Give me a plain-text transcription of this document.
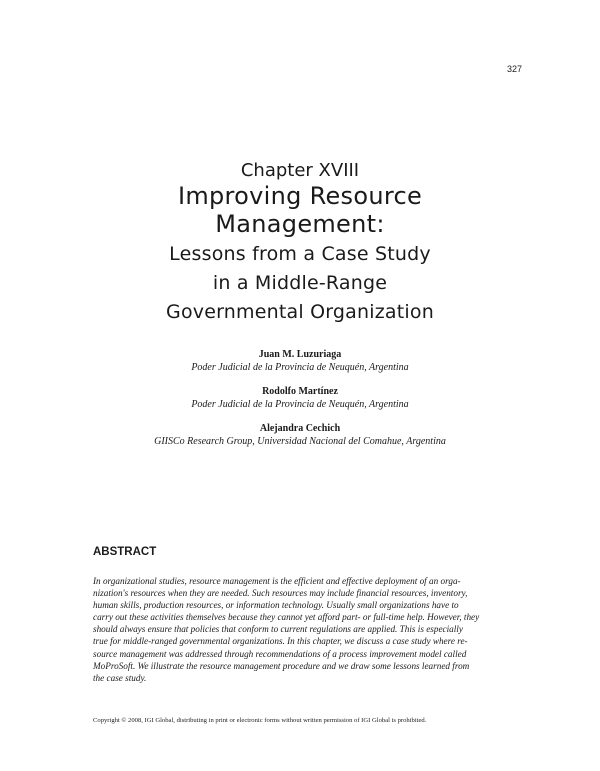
327
Chapter XVIII
Improving Resource
Management:
Lessons from a Case Study
in a Middle-Range
Governmental Organization
Juan M. Luzuriaga
Poder Judicial de la Provincia de Neuquén, Argentina
Rodolfo Martínez
Poder Judicial de la Provincia de Neuquén, Argentina
Alejandra Cechich
GIISCo Research Group, Universidad Nacional del Comahue, Argentina
ABSTRACT
In organizational studies, resource management is the efficient and effective deployment of an orga-
nization's resources when they are needed. Such resources may include financial resources, inventory,
human skills, production resources, or information technology. Usually small organizations have to
carry out these activities themselves because they cannot yet afford part- or full-time help. However, they
should always ensure that policies that conform to current regulations are applied. This is especially
true for middle-ranged governmental organizations. In this chapter, we discuss a case study where re-
source management was addressed through recommendations of a process improvement model called
MoProSoft. We illustrate the resource management procedure and we draw some lessons learned from
the case study.
Copyright © 2008, IGI Global, distributing in print or electronic forms without written permission of IGI Global is prohibited.
